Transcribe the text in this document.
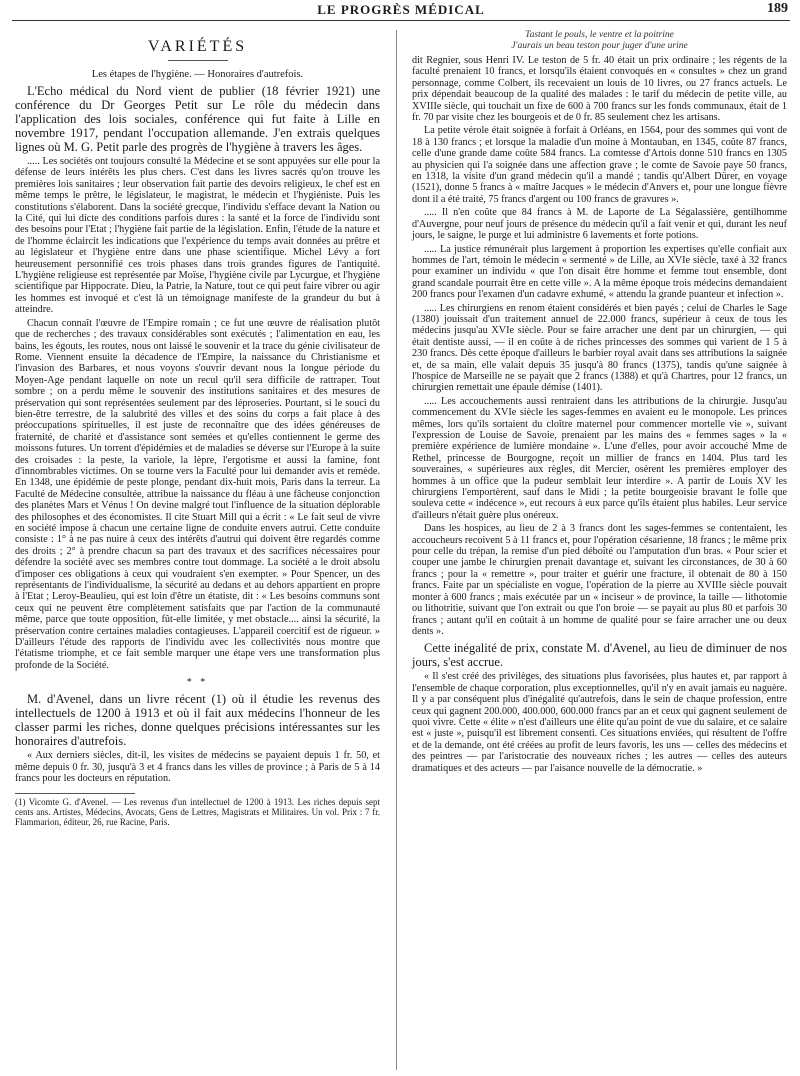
LE PROGRÈS MÉDICAL	189
VARIÉTÉS
Les étapes de l'hygiène. — Honoraires d'autrefois.

L'Echo médical du Nord vient de publier (18 février 1921) une conférence du Dr Georges Petit sur Le rôle du médecin dans l'application des lois sociales, conférence qui fut faite à Lille en novembre 1917, pendant l'occupation allemande. J'en extrais quelques lignes où M. G. Petit parle des progrès de l'hygiène à travers les âges.

..... Les sociétés ont toujours consulté la Médecine et se sont appuyées sur elle pour la défense de leurs intérêts les plus chers. C'est dans les livres sacrés qu'on trouve les premières lois sanitaires ; leur observation fait partie des devoirs religieux, le chef est en même temps le prêtre, le législateur, le magistrat, le médecin et l'hygiéniste. Puis les constitutions s'élaborent. Dans la société grecque, l'individu s'efface devant la Nation ou la Cité, qui lui dicte des conditions parfois dures : la santé et la force de l'individu sont des besoins pour l'Etat ; l'hygiène fait partie de la législation. Enfin, l'étude de la nature et de l'homme éclaircit les indications que l'expérience du temps avait données au prêtre et au législateur et l'hygiène entre dans une phase scientifique. Michel Lévy a fort heureusement personnifié ces trois phases dans trois grandes figures de l'antiquité. L'hygiène religieuse est représentée par Moïse, l'hygiène civile par Lycurgue, et l'hygiène scientifique par Hippocrate. Dieu, la Patrie, la Nature, tout ce qui peut faire vibrer ou agir les hommes est invoqué et c'est là un témoignage manifeste de la grandeur du but à atteindre.

Chacun connaît l'œuvre de l'Empire romain ; ce fut une œuvre de réalisation plutôt que de recherches ; des travaux considérables sont exécutés ; l'alimentation en eau, les bains, les égouts, les routes, nous ont laissé le souvenir et la trace du génie civilisateur de Rome. Viennent ensuite la décadence de l'Empire, la naissance du Christianisme et l'invasion des Barbares, et nous voyons s'ouvrir devant nous la longue période du Moyen-Age pendant laquelle on note un recul qu'il sera difficile de rattraper. Tout sombre ; on a perdu même le souvenir des institutions sanitaires et des mesures de préservation qui sont représentées seulement par des léproseries. Pourtant, si le souci du bien-être terrestre, de la salubrité des villes et des soins du corps a fait place à des préoccupations spirituelles, il est juste de reconnaître que des idées généreuses de fraternité, de charité et d'assistance sont semées et qu'elles contiennent le germe des moissons futures. Un torrent d'épidémies et de maladies se déverse sur l'Europe à la suite des croisades : la peste, la variole, la lèpre, l'ergotisme et aussi la famine, font d'innombrables victimes. On se tourne vers la Faculté pour lui demander avis et remède. En 1348, une épidémie de peste plonge, pendant dix-huit mois, Paris dans la terreur. La Faculté de Médecine consultée, attribue la naissance du fléau à une fâcheuse conjonction des planètes Mars et Vénus ! On devine malgré tout l'influence de la situation déplorable des philosophes et des économistes. Il cite Stuart Mill qui a écrit : « Le fait seul de vivre en société impose à chacun une certaine ligne de conduite envers autrui. Cette conduite consiste : 1° à ne pas nuire à ceux des intérêts d'autrui qui doivent être regardés comme des droits ; 2° à prendre chacun sa part des travaux et des sacrifices nécessaires pour défendre la société avec ses membres contre tout dommage. La société a le droit absolu d'imposer ces obligations à ceux qui voudraient s'en exempter. » Pour Spencer, un des représentants de l'individualisme, la sécurité au dedans et au dehors appartient en propre à l'Etat ; Leroy-Beaulieu, qui est loin d'être un étatiste, dit : « Les besoins communs sont ceux qui ne peuvent être complètement satisfaits que par l'action de la communauté même, parce que toute opposition, fût-elle limitée, y met obstacle.... ainsi la sécurité, la préservation contre certaines maladies contagieuses. L'appareil coercitif est de rigueur. » D'ailleurs l'étude des rapports de l'individu avec les collectivités nous montre que l'étatisme triomphe, et ce fait semble marquer une étape vers une transformation plus profonde de la Société.

* *

M. d'Avenel, dans un livre récent (1) où il étudie les revenus des intellectuels de 1200 à 1913 et où il fait aux médecins l'honneur de les classer parmi les riches, donne quelques précisions intéressantes sur les honoraires d'autrefois.

« Aux derniers siècles, dit-il, les visites de médecins se payaient depuis 1 fr. 50, et même depuis 0 fr. 30, jusqu'à 3 et 4 francs dans les villes de province ; à Paris de 5 à 14 francs pour les docteurs en réputation.

(1) Vicomte G. d'Avenel. — Les revenus d'un intellectuel de 1200 à 1913. Les riches depuis sept cents ans. Artistes, Médecins, Avocats, Gens de Lettres, Magistrats et Militaires. Un vol. Prix : 7 fr. Flammarion, éditeur, 26, rue Racine, Paris.
Tastant le pouls, le ventre et la poitrine
J'aurais un beau teston pour juger d'une urine

dit Regnier, sous Henri IV. Le teston de 5 fr. 40 était un prix ordinaire ; les régents de la faculté prenaient 10 francs, et lorsqu'ils étaient convoqués en « consultes » chez un grand personnage, comme Colbert, ils recevaient un louis de 10 livres, ou 27 francs actuels. Le prix dépendait beaucoup de la qualité des malades : le tarif du médecin de petite ville, au XVIIIe siècle, qui touchait un fixe de 600 à 700 francs sur les fonds communaux, était de 1 fr. 70 par visite chez les bourgeois et de 0 fr. 85 seulement chez les artisans.

La petite vérole était soignée à forfait à Orléans, en 1564, pour des sommes qui vont de 18 à 130 francs ; et lorsque la maladie d'un moine à Montauban, en 1345, coûte 87 francs, celle d'une grande dame coûte 584 francs. La comtesse d'Artois donne 510 francs en 1305 au physicien qui l'a soignée dans une affection grave ; le comte de Savoie paye 50 francs, en 1318, la visite d'un grand médecin qu'il a mandé ; tandis qu'Albert Dürer, en voyage (1521), donne 5 francs à « maître Jacques » le médecin d'Anvers et, pour une longue fièvre dont il a été traité, 75 francs d'argent ou 100 francs de gravures ».

..... Il n'en coûte que 84 francs à M. de Laporte de La Ségalassière, gentilhomme d'Auvergne, pour neuf jours de présence du médecin qu'il a fait venir et qui, durant les neuf jours, le saigne, le purge et lui administre 6 lavements et forte potions.

..... La justice rémunérait plus largement à proportion les expertises qu'elle confiait aux hommes de l'art, témoin le médecin « sermenté » de Lille, au XVIe siècle, taxé à 32 francs pour examiner un individu « que l'on disait être homme et femme tout ensemble, dont grand scandale pourrait être en cette ville ». A la même époque trois médecins demandaient 200 francs pour l'examen d'un cadavre exhumé, « attendu la grande puanteur et infection ».

..... Les chirurgiens en renom étaient considérés et bien payés ; celui de Charles le Sage (1380) jouissait d'un traitement annuel de 22.000 francs, supérieur à ceux de tous les médecins jusqu'au XVIe siècle. Pour se faire arracher une dent par un chirurgien, — qui était dentiste aussi, — il en coûte à de riches princesses des sommes qui varient de 1 5 à 230 francs. Dès cette époque d'ailleurs le barbier royal avait dans ses attributions la saignée et, de sa main, elle valait depuis 35 jusqu'à 80 francs (1375), tandis qu'une saignée à l'hospice de Marseille ne se payait que 2 francs (1388) et qu'à Chartres, pour 12 francs, un chirurgien remettait une épaule démise (1401).

..... Les accouchements aussi rentraient dans les attributions de la chirurgie. Jusqu'au commencement du XVIe siècle les sages-femmes en avaient eu le monopole. Les princes mêmes, lors qu'ils sortaient du cloître maternel pour commencer mortelle vie », suivant l'expression de Louise de Savoie, prenaient par les mains des « femmes sages » la « première expérience de lumière mondaine ». L'une d'elles, pour avoir accouché Mme de Rethel, princesse de Bourgogne, reçoit un millier de francs en 1404. Plus tard les souveraines, « supérieures aux règles, dit Mercier, osèrent les premières employer des hommes à un office que la pudeur semblait leur interdire ». A partir de Louis XV les chirurgiens l'emportèrent, sauf dans le Midi ; la petite bourgeoisie bravant le folle que souleva cette « indécence », eut recours à eux parce qu'ils étaient plus habiles. Leur service d'ailleurs n'était guère plus onéreux.

Dans les hospices, au lieu de 2 à 3 francs dont les sages-femmes se contentaient, les accoucheurs recoivent 5 à 11 francs et, pour l'opération césarienne, 18 francs ; le même prix pour celle du trépan, la remise d'un pied déboîté ou l'amputation d'un bras. « Pour scier et couper une jambe le chirurgien prenait davantage et, suivant les circonstances, de 30 à 60 francs ; pour la « remettre », pour traiter et guérir une fracture, il obtenait de 80 à 150 francs. Faite par un spécialiste en vogue, l'opération de la pierre au XVIIIe siècle pouvait monter à 600 francs ; mais exécutée par un « inciseur » de province, la taille — lithotomie ou lithotritie, suivant que l'on extrait ou que l'on broie — se payait au plus 80 et parfois 30 francs ; autant qu'il en coûtait à un homme de qualité pour se faire arracher une ou deux dents ».

Cette inégalité de prix, constate M. d'Avenel, au lieu de diminuer de nos jours, s'est accrue.

« Il s'est créé des privilèges, des situations plus favorisées, plus hautes et, par rapport à l'ensemble de chaque corporation, plus exceptionnelles, qu'il n'y en avait jamais eu naguère. Il y a par conséquent plus d'inégalité qu'autrefois, dans le sein de chaque profession, entre ceux qui gagnent 200.000, 400.000, 600.000 francs par an et ceux qui gagnent seulement de quoi vivre. Cette « élite » n'est d'ailleurs une élite qu'au point de vue du salaire, et ce salaire est « juste », puisqu'il est librement consenti. Ces situations enviées, qui résultent de l'offre et de la demande, ont été créées au profit de leurs favoris, les uns — celles des médecins et des peintres — par l'aristocratie des nouveaux riches ; les autres — celles des auteurs dramatiques et des acteurs — par l'aisance nouvelle de la démocratie. »
